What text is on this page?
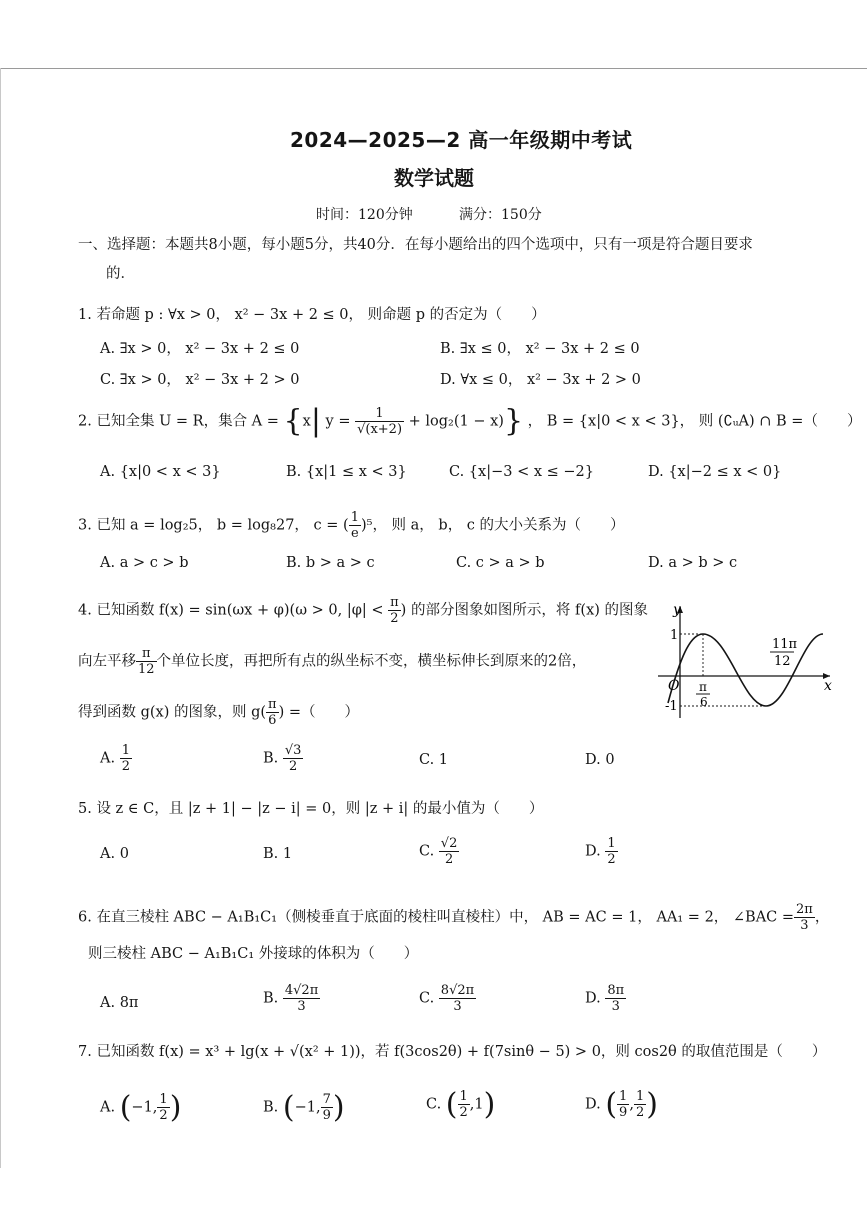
2024—2025—2 高一年级期中考试
数学试题
时间：120分钟	满分：150分
一、选择题：本题共8小题，每小题5分，共40分．在每小题给出的四个选项中，只有一项是符合题目要求
的．
1. 若命题 p : ∀x > 0， x² − 3x + 2 ≤ 0， 则命题 p 的否定为（　　）
A. ∃x > 0， x² − 3x + 2 ≤ 0	B. ∃x ≤ 0， x² − 3x + 2 ≤ 0
C. ∃x > 0， x² − 3x + 2 > 0	D. ∀x ≤ 0， x² − 3x + 2 > 0
2. 已知全集 U = R，集合 A = {x| $y = \frac{1}{√(x+2)} + \log_2(1 - x)$} ， B = {x|0 < x < 3}， 则 (∁ᵤA) ∩ B =（　　）
A. {x|0 < x < 3}	B. {x|1 ≤ x < 3}	C. {x|−3 < x ≤ −2}	D. {x|−2 ≤ x < 0}
3. 已知 a = log₂5， b = log₈27， c = ( $\frac{1}{e} )^5$， 则 a， b， c 的大小关系为（　　）
A. a > c > b	B. b > a > c	C. c > a > b	D. a > b > c
4. 已知函数 f(x) = sin(ωx + φ)(ω > 0, $|\varphi| < \frac{\pi}{2}$ ) 的部分图象如图所示，将 f(x) 的图象
向左平移 $\frac{\pi}{12}$ 个单位长度，再把所有点的纵坐标不变，横坐标伸长到原来的2倍，
得到函数 g(x) 的图象，则 $g( \frac{\pi}{6}$ ) =（　　）
y
x
O
1
-1
π
6
11π
12
A. $\frac{1}{2}$	B. $\frac{√3}{2}$	C. 1	D. 0
5. 设 z ∈ C，且 |z + 1| − |z − i| = 0，则 |z + i| 的最小值为（　　）
A. 0	B. 1	C. $\frac{√2}{2}$	D. $\frac{1}{2}$
6. 在直三棱柱 ABC − A₁B₁C₁（侧棱垂直于底面的棱柱叫直棱柱）中， AB = AC = 1， AA₁ = 2， ∠BAC = $\frac{2\pi}{3}$ ，
则三棱柱 ABC − A₁B₁C₁ 外接球的体积为（　　）
A. 8π	B. $\frac{4√2\pi}{3}$	C. $\frac{8√2\pi}{3}$	D. $\frac{8\pi}{3}$
7. 已知函数 f(x) = x³ + lg(x + √(x² + 1))，若 f(3cos2θ) + f(7sinθ − 5) > 0，则 cos2θ 的取值范围是（　　）
A. (−1, $\frac{1}{2}$ )	B. (−1, $\frac{7}{9}$ )	C. ( $\frac{1}{2} ,1$)	D. ( $\frac{1}{9}$ , $\frac{1}{2}$ )
